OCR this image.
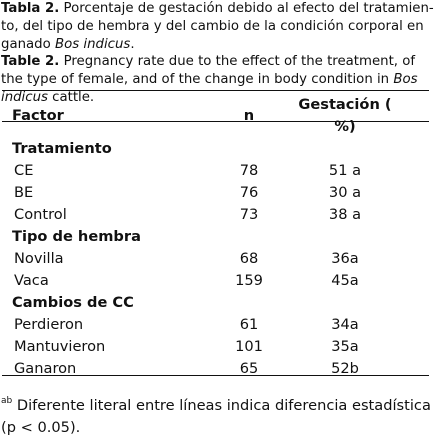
Tabla 2. Porcentaje de gestación debido al efecto del tratamien-to, del tipo de hembra y del cambio de la condición corporal en ganado Bos indicus.
Table 2. Pregnancy rate due to the effect of the treatment, of the type of female, and of the change in body condition in Bos indicus cattle.
Factor	n	Gestación ( %)
Tratamiento		
CE	78	51 a
BE	76	30 a
Control	73	38 a
Tipo de hembra		
Novilla	68	36a
Vaca	159	45a
Cambios de CC		
Perdieron	61	34a
Mantuvieron	101	35a
Ganaron	65	52b
$^{ab}$ Diferente literal entre líneas indica diferencia estadística (p < 0.05).
